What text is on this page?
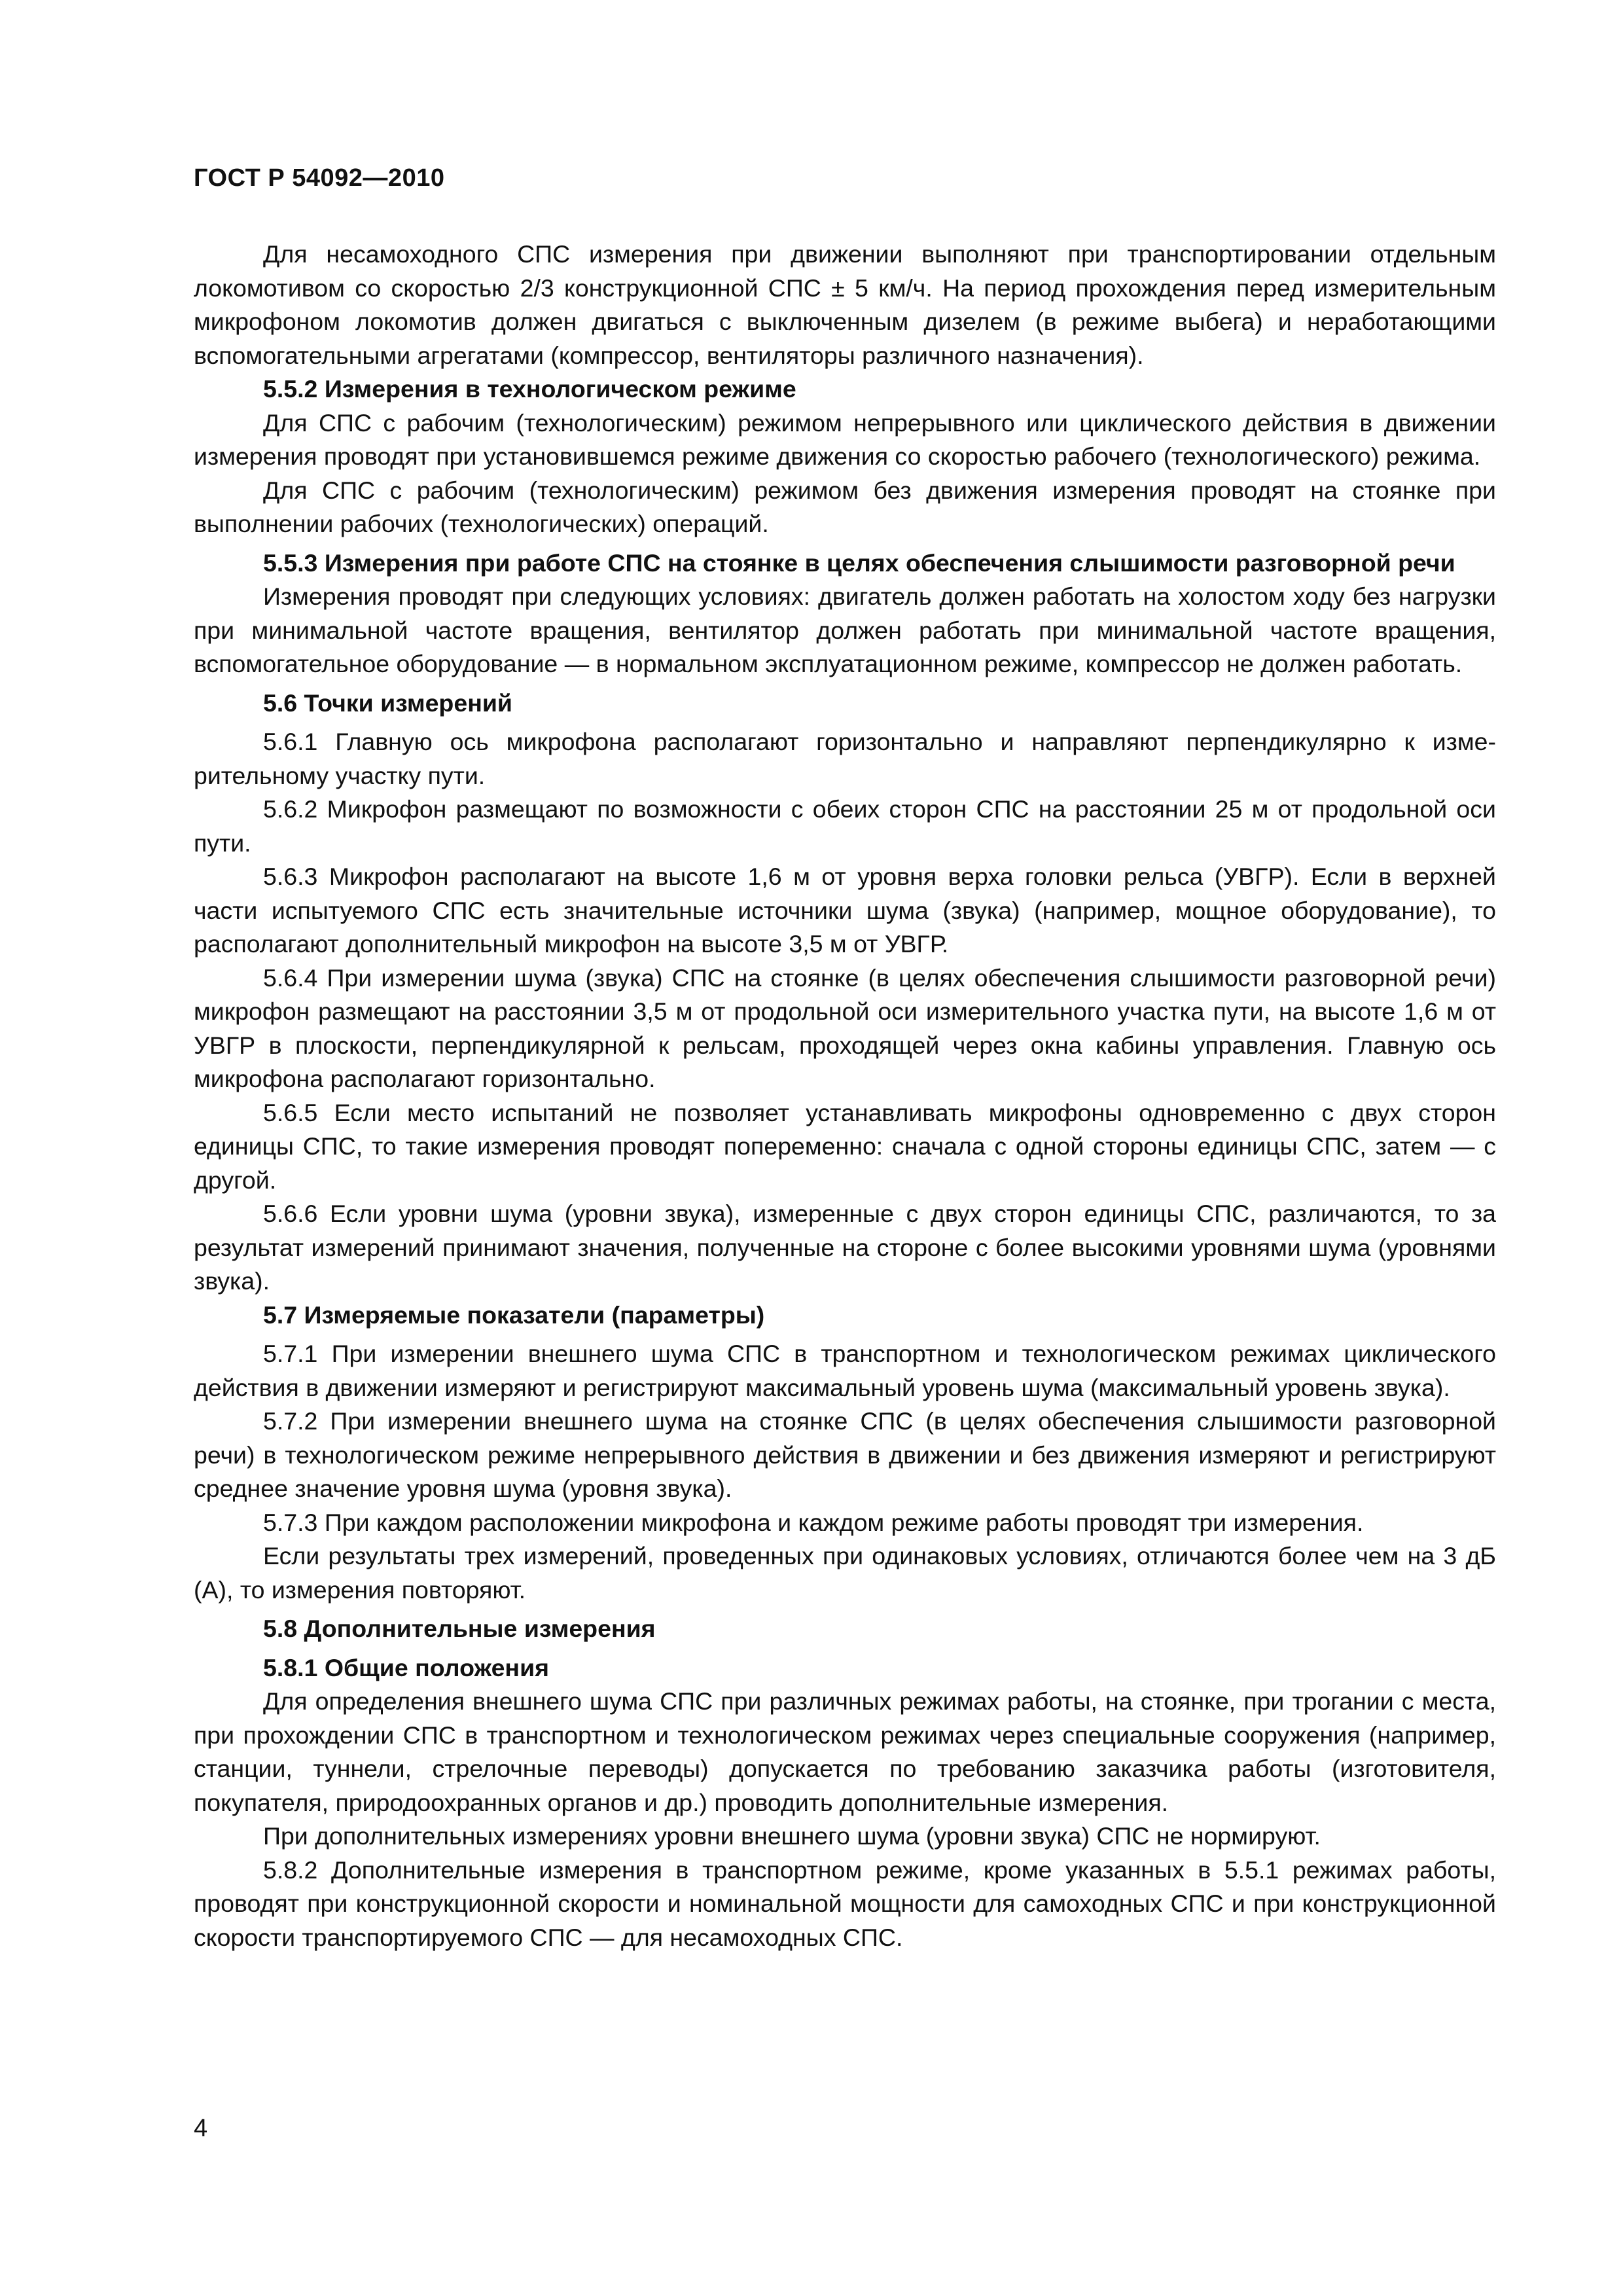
ГОСТ Р 54092—2010

Для несамоходного СПС измерения при движении выполняют при транспортировании отдельным локомотивом со скоростью 2/3 конструкционной СПС ± 5 км/ч. На период прохождения перед измерительным микрофоном локомотив должен двигаться с выключенным дизелем (в режиме выбега) и неработающими вспомогательными агрегатами (компрессор, вентиляторы различного назначения).

5.5.2 Измерения в технологическом режиме

Для СПС с рабочим (технологическим) режимом непрерывного или циклического действия в движении измерения проводят при установившемся режиме движения со скоростью рабочего (технологического) режима.

Для СПС с рабочим (технологическим) режимом без движения измерения проводят на стоянке при выполнении рабочих (технологических) операций.

5.5.3 Измерения при работе СПС на стоянке в целях обеспечения слышимости разговорной речи

Измерения проводят при следующих условиях: двигатель должен работать на холостом ходу без нагрузки при минимальной частоте вращения, вентилятор должен работать при минимальной частоте вращения, вспомогательное оборудование — в нормальном эксплуатационном режиме, компрессор не должен работать.

5.6 Точки измерений

5.6.1 Главную ось микрофона располагают горизонтально и направляют перпендикулярно к измерительному участку пути.

5.6.2 Микрофон размещают по возможности с обеих сторон СПС на расстоянии 25 м от продольной оси пути.

5.6.3 Микрофон располагают на высоте 1,6 м от уровня верха головки рельса (УВГР). Если в верхней части испытуемого СПС есть значительные источники шума (звука) (например, мощное оборудование), то располагают дополнительный микрофон на высоте 3,5 м от УВГР.

5.6.4 При измерении шума (звука) СПС на стоянке (в целях обеспечения слышимости разговорной речи) микрофон размещают на расстоянии 3,5 м от продольной оси измерительного участка пути, на высоте 1,6 м от УВГР в плоскости, перпендикулярной к рельсам, проходящей через окна кабины управления. Главную ось микрофона располагают горизонтально.

5.6.5 Если место испытаний не позволяет устанавливать микрофоны одновременно с двух сторон единицы СПС, то такие измерения проводят попеременно: сначала с одной стороны единицы СПС, затем — с другой.

5.6.6 Если уровни шума (уровни звука), измеренные с двух сторон единицы СПС, различаются, то за результат измерений принимают значения, полученные на стороне с более высокими уровнями шума (уровнями звука).

5.7 Измеряемые показатели (параметры)

5.7.1 При измерении внешнего шума СПС в транспортном и технологическом режимах циклического действия в движении измеряют и регистрируют максимальный уровень шума (максимальный уровень звука).

5.7.2 При измерении внешнего шума на стоянке СПС (в целях обеспечения слышимости разговорной речи) в технологическом режиме непрерывного действия в движении и без движения измеряют и регистрируют среднее значение уровня шума (уровня звука).

5.7.3 При каждом расположении микрофона и каждом режиме работы проводят три измерения.

Если результаты трех измерений, проведенных при одинаковых условиях, отличаются более чем на 3 дБ (А), то измерения повторяют.

5.8 Дополнительные измерения

5.8.1 Общие положения

Для определения внешнего шума СПС при различных режимах работы, на стоянке, при трогании с места, при прохождении СПС в транспортном и технологическом режимах через специальные сооружения (например, станции, туннели, стрелочные переводы) допускается по требованию заказчика работы (изготовителя, покупателя, природоохранных органов и др.) проводить дополнительные измерения.

При дополнительных измерениях уровни внешнего шума (уровни звука) СПС не нормируют.

5.8.2 Дополнительные измерения в транспортном режиме, кроме указанных в 5.5.1 режимах работы, проводят при конструкционной скорости и номинальной мощности для самоходных СПС и при конструкционной скорости транспортируемого СПС — для несамоходных СПС.

4
